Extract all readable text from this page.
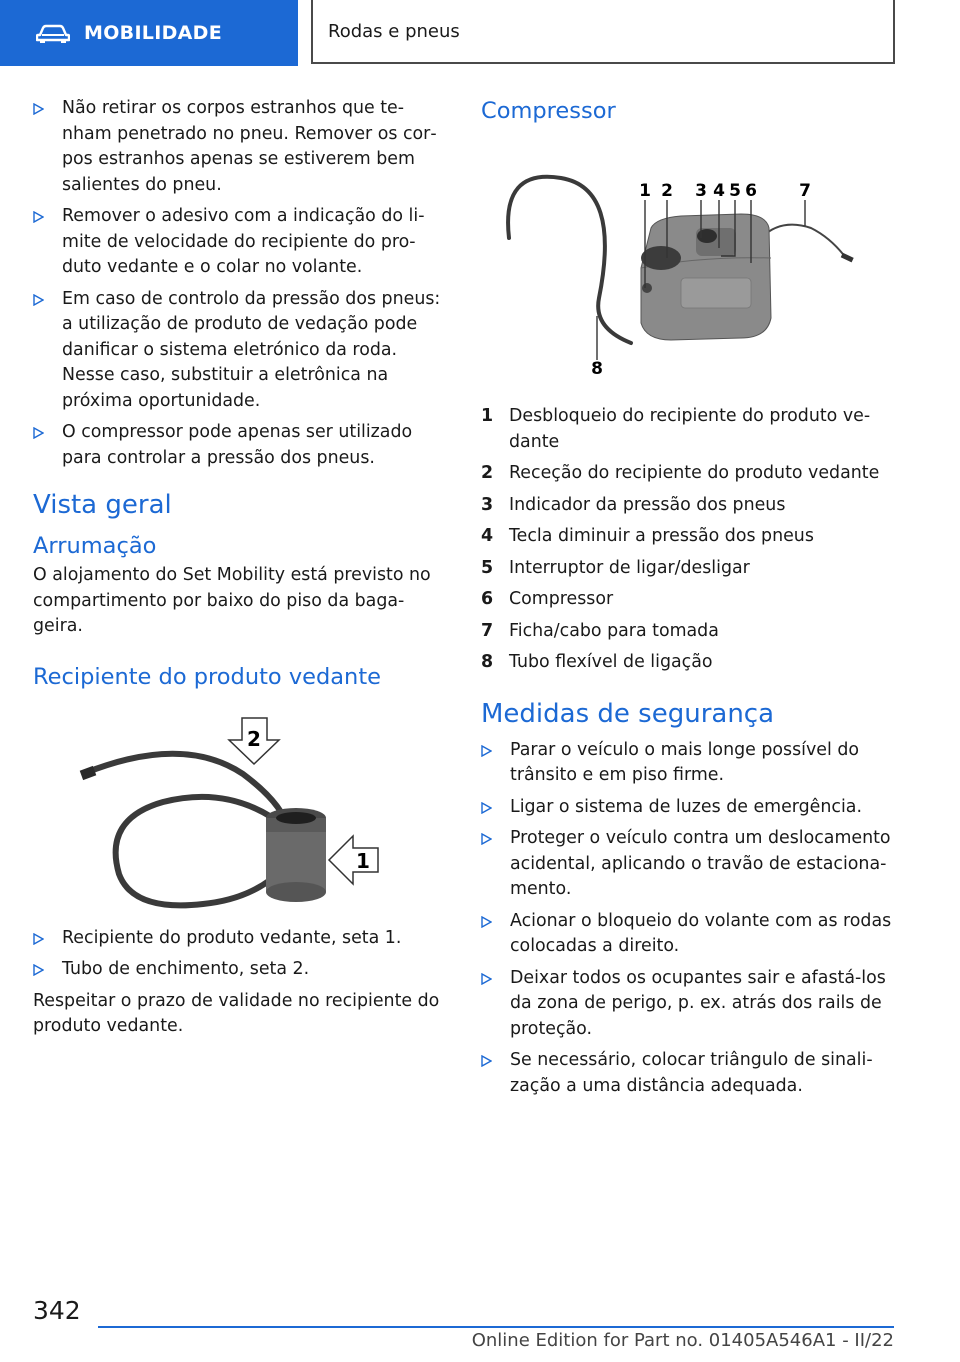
MOBILIDADE	Rodas e pneus
Não retirar os corpos estranhos que tenham penetrado no pneu. Remover os corpos estranhos apenas se estiverem bem salientes do pneu.
Remover o adesivo com a indicação do limite de velocidade do recipiente do produto vedante e o colar no volante.
Em caso de controlo da pressão dos pneus: a utilização de produto de vedação pode danificar o sistema eletrónico da roda. Nesse caso, substituir a eletrônica na próxima oportunidade.
O compressor pode apenas ser utilizado para controlar a pressão dos pneus.
Vista geral
Arrumação

O alojamento do Set Mobility está previsto no compartimento por baixo do piso da bagageira.

Recipiente do produto vedante
2
1
Recipiente do produto vedante, seta 1.
Tubo de enchimento, seta 2.

Respeitar o prazo de validade no recipiente do produto vedante.

Compressor
1 2 3 4 5 6 7
8
1 Desbloqueio do recipiente do produto vedante
2 Receção do recipiente do produto vedante
3 Indicador da pressão dos pneus
4 Tecla diminuir a pressão dos pneus
5 Interruptor de ligar/desligar
6 Compressor
7 Ficha/cabo para tomada
8 Tubo flexível de ligação
Medidas de segurança
Parar o veículo o mais longe possível do trânsito e em piso firme.
Ligar o sistema de luzes de emergência.
Proteger o veículo contra um deslocamento acidental, aplicando o travão de estacionamento.
Acionar o bloqueio do volante com as rodas colocadas a direito.
Deixar todos os ocupantes sair e afastá-los da zona de perigo, p. ex. atrás dos rails de proteção.
Se necessário, colocar triângulo de sinalização a uma distância adequada.
342
Online Edition for Part no. 01405A546A1 - II/22
